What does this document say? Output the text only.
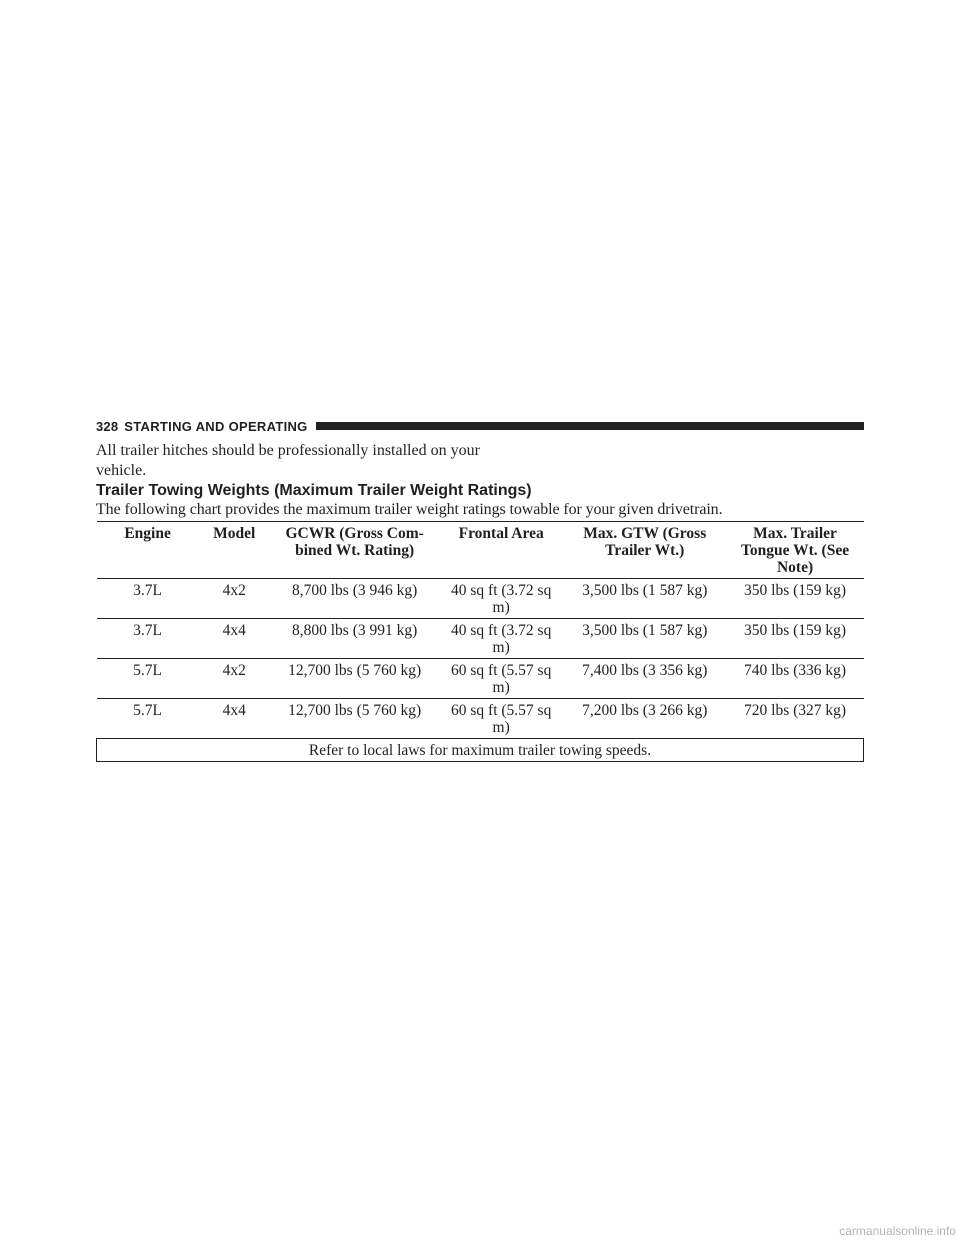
328 STARTING AND OPERATING
All trailer hitches should be professionally installed on your vehicle.
Trailer Towing Weights (Maximum Trailer Weight Ratings)
The following chart provides the maximum trailer weight ratings towable for your given drivetrain.
Engine	Model	GCWR (Gross Com- bined Wt. Rating)	Frontal Area	Max. GTW (Gross Trailer Wt.)	Max. Trailer Tongue Wt. (See Note)

3.7L	4x2	8,700 lbs (3 946 kg)	40 sq ft (3.72 sq m)	3,500 lbs (1 587 kg)	350 lbs (159 kg)
3.7L	4x4	8,800 lbs (3 991 kg)	40 sq ft (3.72 sq m)	3,500 lbs (1 587 kg)	350 lbs (159 kg)
5.7L	4x2	12,700 lbs (5 760 kg)	60 sq ft (5.57 sq m)	7,400 lbs (3 356 kg)	740 lbs (336 kg)
5.7L	4x4	12,700 lbs (5 760 kg)	60 sq ft (5.57 sq m)	7,200 lbs (3 266 kg)	720 lbs (327 kg)
Refer to local laws for maximum trailer towing speeds.					
carmanualsonline.info
